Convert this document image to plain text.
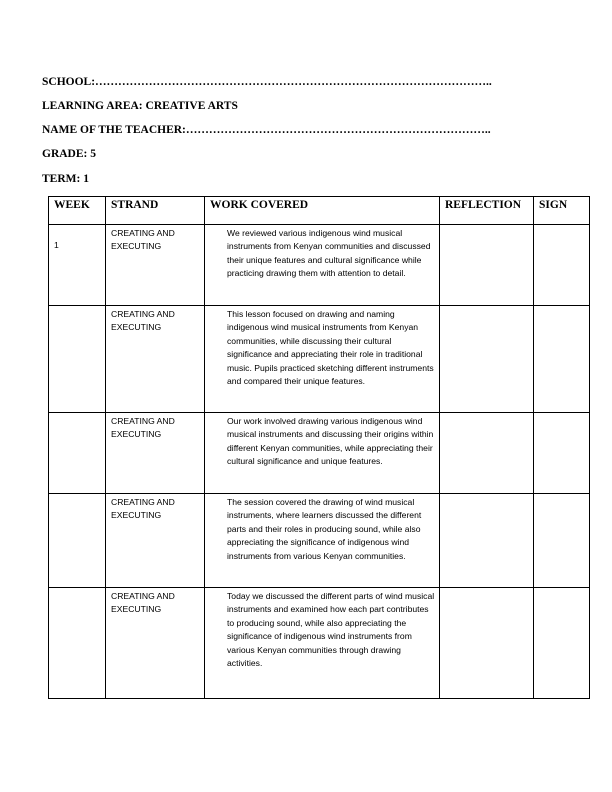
SCHOOL:…………………………………………………………………………………………..
LEARNING AREA: CREATIVE ARTS
NAME OF THE TEACHER:……………………………………………………………………..
GRADE: 5
TERM: 1
WEEK	STRAND	WORK COVERED	REFLECTION	SIGN
1	CREATING AND EXECUTING	We reviewed various indigenous wind musical instruments from Kenyan communities and discussed their unique features and cultural significance while practicing drawing them with attention to detail.		
	CREATING AND EXECUTING	This lesson focused on drawing and naming indigenous wind musical instruments from Kenyan communities, while discussing their cultural significance and appreciating their role in traditional music. Pupils practiced sketching different instruments and compared their unique features.		
	CREATING AND EXECUTING	Our work involved drawing various indigenous wind musical instruments and discussing their origins within different Kenyan communities, while appreciating their cultural significance and unique features.		
	CREATING AND EXECUTING	The session covered the drawing of wind musical instruments, where learners discussed the different parts and their roles in producing sound, while also appreciating the significance of indigenous wind instruments from various Kenyan communities.		
	CREATING AND EXECUTING	Today we discussed the different parts of wind musical instruments and examined how each part contributes to producing sound, while also appreciating the significance of indigenous wind instruments from various Kenyan communities through drawing activities.		
